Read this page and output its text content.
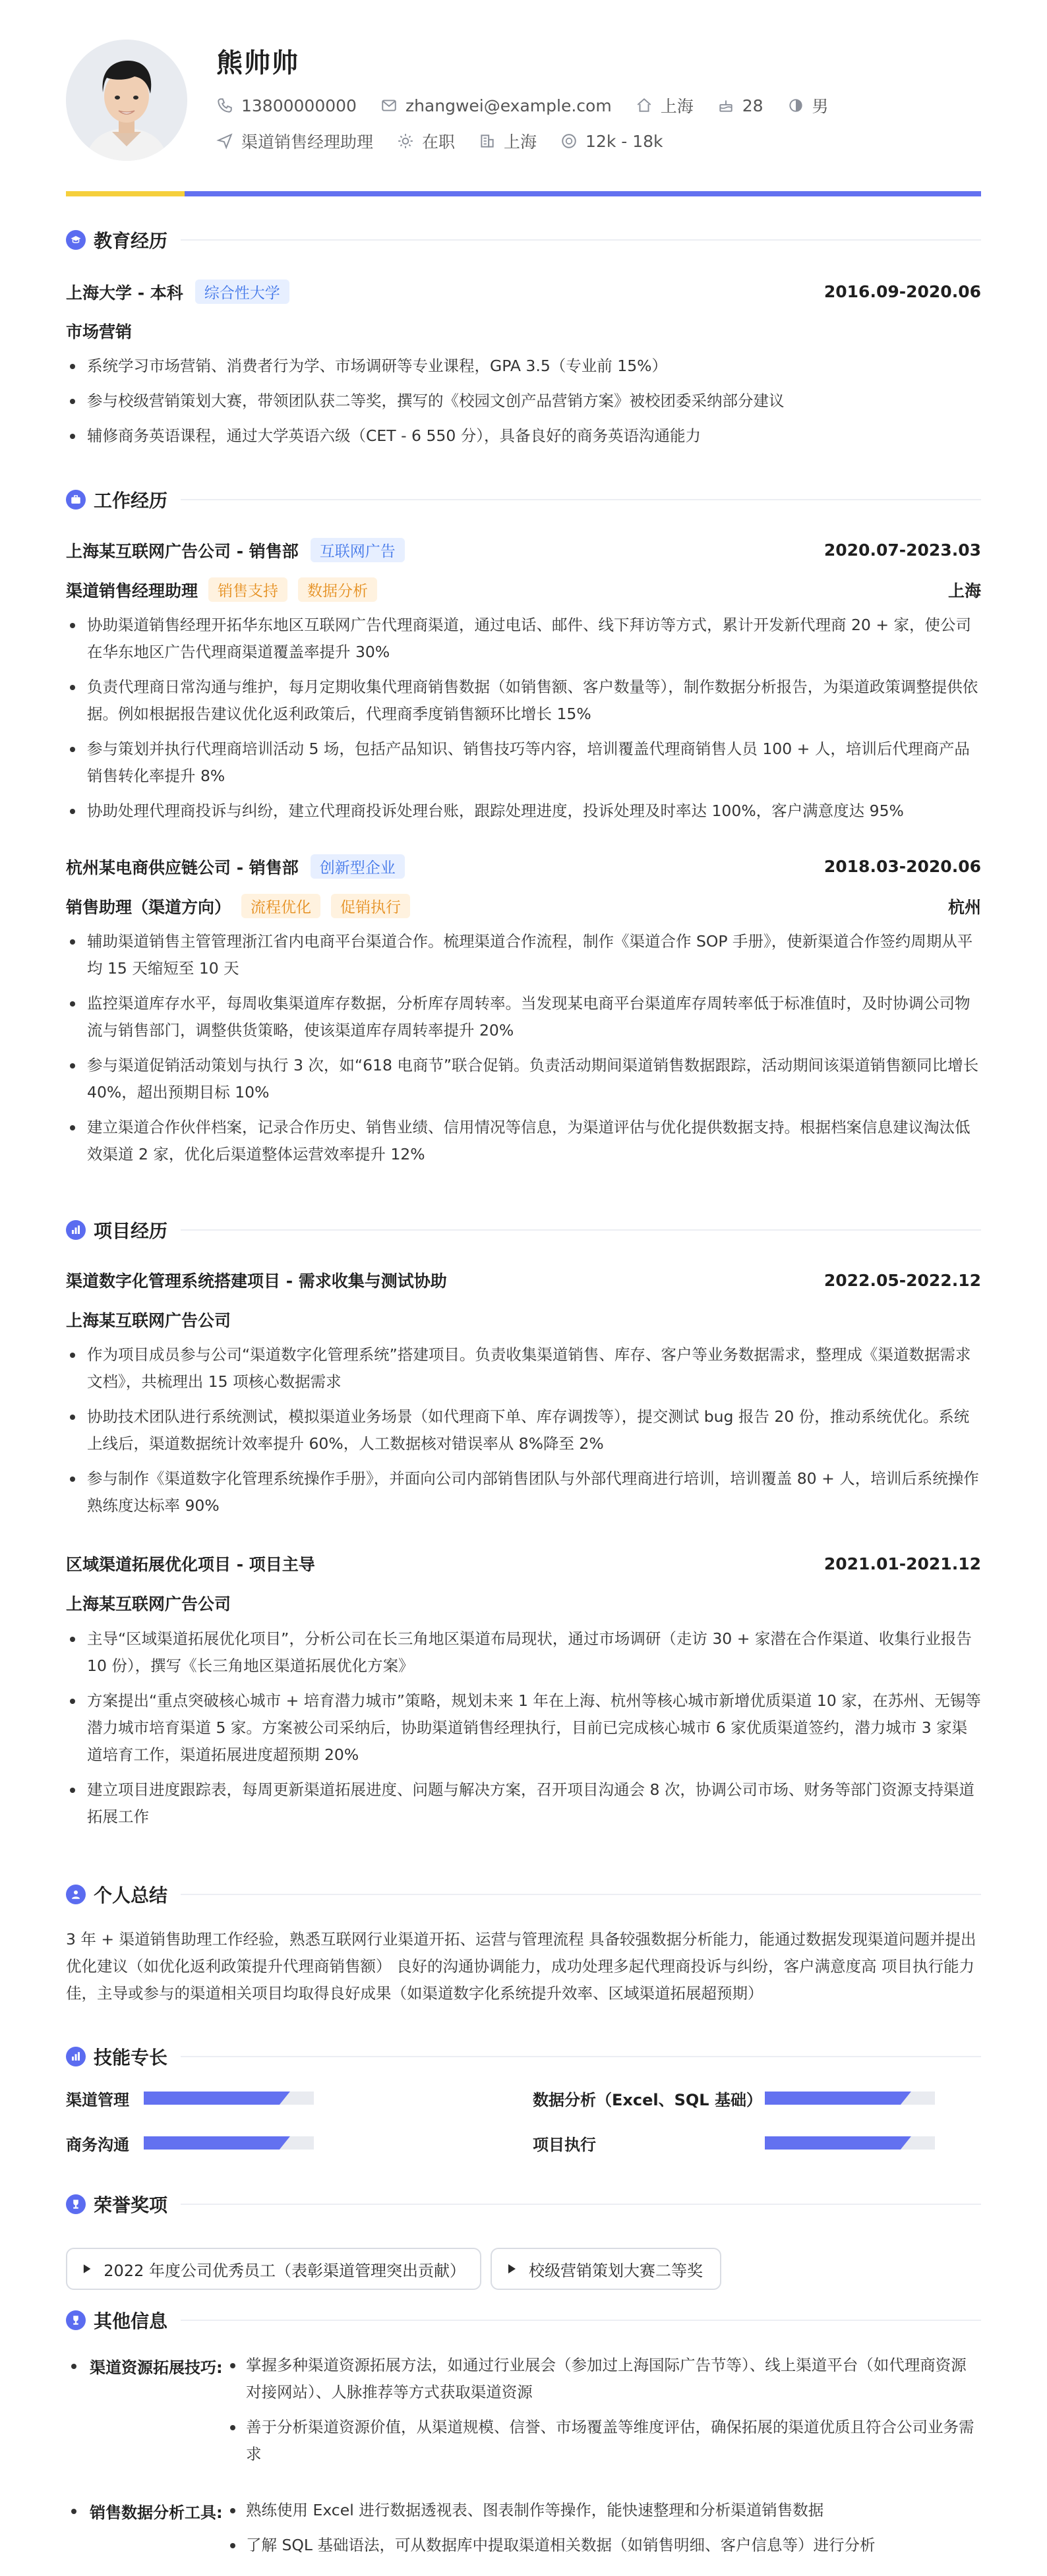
熊帅帅
13800000000	zhangwei@example.com	上海	28	男
渠道销售经理助理	在职	上海	12k - 18k
教育经历
上海大学 - 本科	综合性大学	2016.09-2020.06
市场营销
系统学习市场营销、消费者行为学、市场调研等专业课程，GPA 3.5（专业前 15%）
参与校级营销策划大赛，带领团队获二等奖，撰写的《校园文创产品营销方案》被校团委采纳部分建议
辅修商务英语课程，通过大学英语六级（CET - 6 550 分），具备良好的商务英语沟通能力
工作经历
上海某互联网广告公司 - 销售部	互联网广告	2020.07-2023.03
渠道销售经理助理	销售支持	数据分析	上海
协助渠道销售经理开拓华东地区互联网广告代理商渠道，通过电话、邮件、线下拜访等方式，累计开发新代理商 20 + 家，使公司在华东地区广告代理商渠道覆盖率提升 30%
负责代理商日常沟通与维护，每月定期收集代理商销售数据（如销售额、客户数量等），制作数据分析报告，为渠道政策调整提供依据。例如根据报告建议优化返利政策后，代理商季度销售额环比增长 15%
参与策划并执行代理商培训活动 5 场，包括产品知识、销售技巧等内容，培训覆盖代理商销售人员 100 + 人，培训后代理商产品销售转化率提升 8%
协助处理代理商投诉与纠纷，建立代理商投诉处理台账，跟踪处理进度，投诉处理及时率达 100%，客户满意度达 95%
杭州某电商供应链公司 - 销售部	创新型企业	2018.03-2020.06
销售助理（渠道方向）	流程优化	促销执行	杭州
辅助渠道销售主管管理浙江省内电商平台渠道合作。梳理渠道合作流程，制作《渠道合作 SOP 手册》，使新渠道合作签约周期从平均 15 天缩短至 10 天
监控渠道库存水平，每周收集渠道库存数据，分析库存周转率。当发现某电商平台渠道库存周转率低于标准值时，及时协调公司物流与销售部门，调整供货策略，使该渠道库存周转率提升 20%
参与渠道促销活动策划与执行 3 次，如“618 电商节”联合促销。负责活动期间渠道销售数据跟踪，活动期间该渠道销售额同比增长 40%，超出预期目标 10%
建立渠道合作伙伴档案，记录合作历史、销售业绩、信用情况等信息，为渠道评估与优化提供数据支持。根据档案信息建议淘汰低效渠道 2 家，优化后渠道整体运营效率提升 12%
项目经历
渠道数字化管理系统搭建项目 - 需求收集与测试协助	2022.05-2022.12
上海某互联网广告公司
作为项目成员参与公司“渠道数字化管理系统”搭建项目。负责收集渠道销售、库存、客户等业务数据需求，整理成《渠道数据需求文档》，共梳理出 15 项核心数据需求
协助技术团队进行系统测试，模拟渠道业务场景（如代理商下单、库存调拨等），提交测试 bug 报告 20 份，推动系统优化。系统上线后，渠道数据统计效率提升 60%，人工数据核对错误率从 8%降至 2%
参与制作《渠道数字化管理系统操作手册》，并面向公司内部销售团队与外部代理商进行培训，培训覆盖 80 + 人，培训后系统操作熟练度达标率 90%
区域渠道拓展优化项目 - 项目主导	2021.01-2021.12
上海某互联网广告公司
主导“区域渠道拓展优化项目”，分析公司在长三角地区渠道布局现状，通过市场调研（走访 30 + 家潜在合作渠道、收集行业报告 10 份），撰写《长三角地区渠道拓展优化方案》
方案提出“重点突破核心城市 + 培育潜力城市”策略，规划未来 1 年在上海、杭州等核心城市新增优质渠道 10 家，在苏州、无锡等潜力城市培育渠道 5 家。方案被公司采纳后，协助渠道销售经理执行，目前已完成核心城市 6 家优质渠道签约，潜力城市 3 家渠道培育工作，渠道拓展进度超预期 20%
建立项目进度跟踪表，每周更新渠道拓展进度、问题与解决方案，召开项目沟通会 8 次，协调公司市场、财务等部门资源支持渠道拓展工作
个人总结
3 年 + 渠道销售助理工作经验，熟悉互联网行业渠道开拓、运营与管理流程 具备较强数据分析能力，能通过数据发现渠道问题并提出优化建议（如优化返利政策提升代理商销售额） 良好的沟通协调能力，成功处理多起代理商投诉与纠纷，客户满意度高 项目执行能力佳，主导或参与的渠道相关项目均取得良好成果（如渠道数字化系统提升效率、区域渠道拓展超预期）
技能专长
渠道管理	数据分析（Excel、SQL 基础）
商务沟通	项目执行
荣誉奖项
2022 年度公司优秀员工（表彰渠道管理突出贡献）	校级营销策划大赛二等奖
其他信息
渠道资源拓展技巧:	掌握多种渠道资源拓展方法，如通过行业展会（参加过上海国际广告节等）、线上渠道平台（如代理商资源对接网站）、人脉推荐等方式获取渠道资源
善于分析渠道资源价值，从渠道规模、信誉、市场覆盖等维度评估，确保拓展的渠道优质且符合公司业务需求
销售数据分析工具:	熟练使用 Excel 进行数据透视表、图表制作等操作，能快速整理和分析渠道销售数据
了解 SQL 基础语法，可从数据库中提取渠道相关数据（如销售明细、客户信息等）进行分析
